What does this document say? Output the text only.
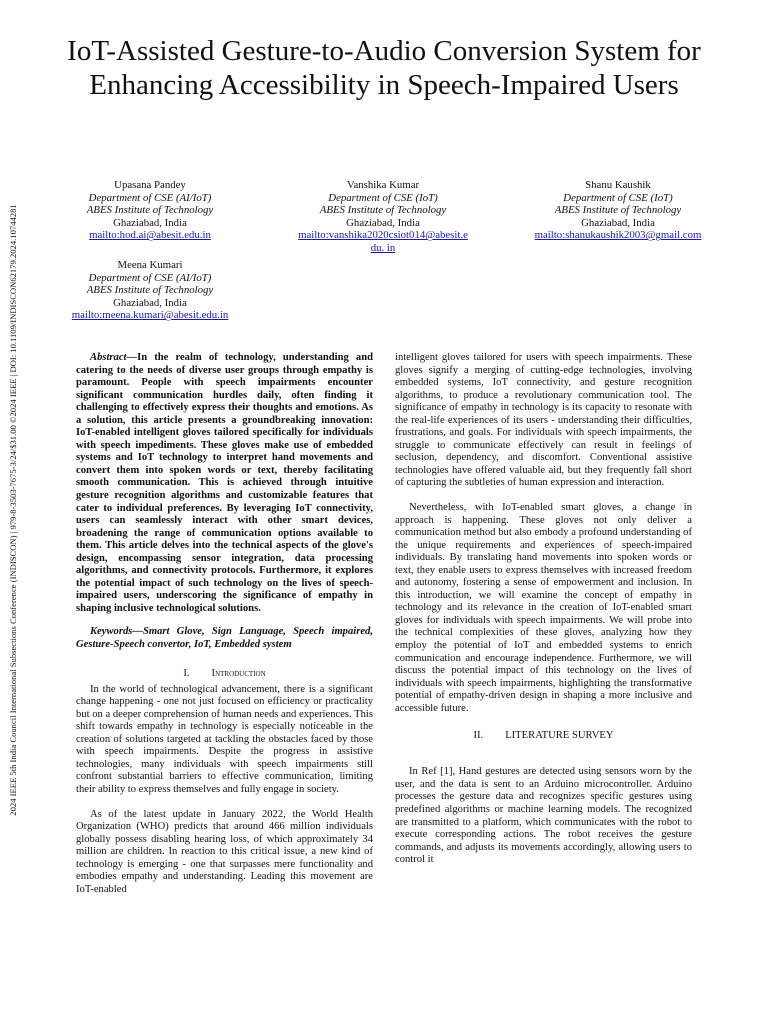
IoT-Assisted Gesture-to-Audio Conversion System for Enhancing Accessibility in Speech-Impaired Users
2024 IEEE 5th India Council International Subsections Conference (INDISCON) | 979-8-3503-7675-3/24/$31.00 ©2024 IEEE | DOI: 10.1109/INDISCON62179.2024.10744281
Upasana Pandey
Department of CSE (AI/IoT)
ABES Institute of Technology
Ghaziabad, India
mailto:hod.ai@abesit.edu.in
Vanshika Kumar
Department of CSE (IoT)
ABES Institute of Technology
Ghaziabad, India
mailto:vanshika2020csiot014@abesit.e
du. in
Shanu Kaushik
Department of CSE (IoT)
ABES Institute of Technology
Ghaziabad, India
mailto:shanukaushik2003@gmail.com
Meena Kumari
Department of CSE (AI/IoT)
ABES Institute of Technology
Ghaziabad, India
mailto:meena.kumari@abesit.edu.in

Abstract—In the realm of technology, understanding and catering to the needs of diverse user groups through empathy is paramount. People with speech impairments encounter significant communication hurdles daily, often finding it challenging to effectively express their thoughts and emotions. As a solution, this article presents a groundbreaking innovation: IoT-enabled intelligent gloves tailored specifically for individuals with speech impediments. These gloves make use of embedded systems and IoT technology to interpret hand movements and convert them into spoken words or text, thereby facilitating smooth communication. This is achieved through intuitive gesture recognition algorithms and customizable features that cater to individual preferences. By leveraging IoT connectivity, users can seamlessly interact with other smart devices, broadening the range of communication options available to them. This article delves into the technical aspects of the glove's design, encompassing sensor integration, data processing algorithms, and connectivity protocols. Furthermore, it explores the potential impact of such technology on the lives of speech-impaired users, underscoring the significance of empathy in shaping inclusive technological solutions.

Keywords—Smart Glove, Sign Language, Speech impaired, Gesture-Speech convertor, IoT, Embedded system

I. Introduction

In the world of technological advancement, there is a significant change happening - one not just focused on efficiency or practicality but on a deeper comprehension of human needs and experiences. This shift towards empathy in technology is especially noticeable in the creation of solutions targeted at tackling the obstacles faced by those with speech impairments. Despite the progress in assistive technologies, many individuals with speech impairments still confront substantial barriers to effective communication, limiting their ability to express themselves and fully engage in society.

As of the latest update in January 2022, the World Health Organization (WHO) predicts that around 466 million individuals globally possess disabling hearing loss, of which approximately 34 million are children. In reaction to this critical issue, a new kind of technology is emerging - one that surpasses mere functionality and embodies empathy and understanding. Leading this movement are IoT-enabled

intelligent gloves tailored for users with speech impairments. These gloves signify a merging of cutting-edge technologies, involving embedded systems, IoT connectivity, and gesture recognition algorithms, to produce a revolutionary communication tool. The significance of empathy in technology is its capacity to resonate with the real-life experiences of its users - understanding their difficulties, frustrations, and goals. For individuals with speech impairments, the struggle to communicate effectively can result in feelings of seclusion, dependency, and discomfort. Conventional assistive technologies have offered valuable aid, but they frequently fall short of capturing the subtleties of human expression and interaction.

Nevertheless, with IoT-enabled smart gloves, a change in approach is happening. These gloves not only deliver a communication method but also embody a profound understanding of the unique requirements and experiences of speech-impaired individuals. By translating hand movements into spoken words or text, they enable users to express themselves with increased freedom and autonomy, fostering a sense of empowerment and inclusion. In this introduction, we will examine the concept of empathy in technology and its relevance in the creation of IoT-enabled smart gloves for individuals with speech impairments. We will probe into the technical complexities of these gloves, analyzing how they employ the potential of IoT and embedded systems to enrich communication and encourage independence. Furthermore, we will discuss the potential impact of this technology on the lives of individuals with speech impairments, highlighting the transformative potential of empathy-driven design in shaping a more inclusive and accessible future.

II. LITERATURE SURVEY

In Ref [1], Hand gestures are detected using sensors worn by the user, and the data is sent to an Arduino microcontroller. Arduino processes the gesture data and recognizes specific gestures using predefined algorithms or machine learning models. The recognized are transmitted to a platform, which communicates with the robot to execute corresponding actions. The robot receives the gesture commands, and adjusts its movements accordingly, allowing users to control it
